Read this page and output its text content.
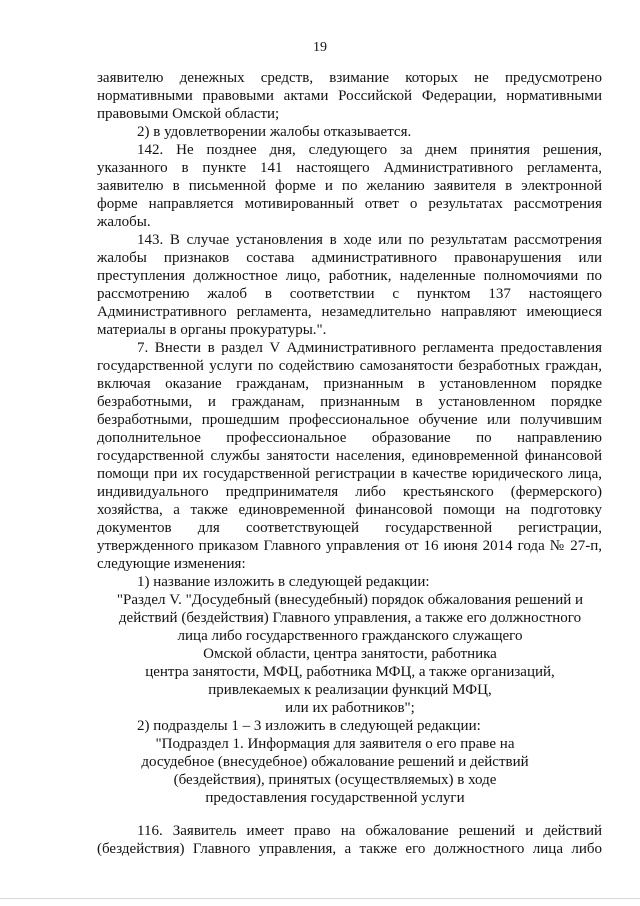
19

заявителю денежных средств, взимание которых не предусмотрено

нормативными правовыми актами Российской Федерации, нормативными

правовыми Омской области;

2) в удовлетворении жалобы отказывается.

142. Не позднее дня, следующего за днем принятия решения,

указанного в пункте 141 настоящего Административного регламента,

заявителю в письменной форме и по желанию заявителя в электронной

форме направляется мотивированный ответ о результатах рассмотрения

жалобы.

143. В случае установления в ходе или по результатам рассмотрения

жалобы признаков состава административного правонарушения или

преступления должностное лицо, работник, наделенные полномочиями по

рассмотрению жалоб в соответствии с пунктом 137 настоящего

Административного регламента, незамедлительно направляют имеющиеся

материалы в органы прокуратуры.".

7. Внести в раздел V Административного регламента предоставления

государственной услуги по содействию самозанятости безработных граждан,

включая оказание гражданам, признанным в установленном порядке

безработными, и гражданам, признанным в установленном порядке

безработными, прошедшим профессиональное обучение или получившим

дополнительное профессиональное образование по направлению

государственной службы занятости населения, единовременной финансовой

помощи при их государственной регистрации в качестве юридического лица,

индивидуального предпринимателя либо крестьянского (фермерского)

хозяйства, а также единовременной финансовой помощи на подготовку

документов для соответствующей государственной регистрации,

утвержденного приказом Главного управления от 16 июня 2014 года № 27-п,

следующие изменения:

1) название изложить в следующей редакции:

"Раздел V. "Досудебный (внесудебный) порядок обжалования решений и

действий (бездействия) Главного управления, а также его должностного

лица либо государственного гражданского служащего

Омской области, центра занятости, работника

центра занятости, МФЦ, работника МФЦ, а также организаций,

привлекаемых к реализации функций МФЦ,

или их работников";

2) подразделы 1 – 3 изложить в следующей редакции:

"Подраздел 1. Информация для заявителя о его праве на

досудебное (внесудебное) обжалование решений и действий

(бездействия), принятых (осуществляемых) в ходе

предоставления государственной услуги

116. Заявитель имеет право на обжалование решений и действий

(бездействия) Главного управления, а также его должностного лица либо
